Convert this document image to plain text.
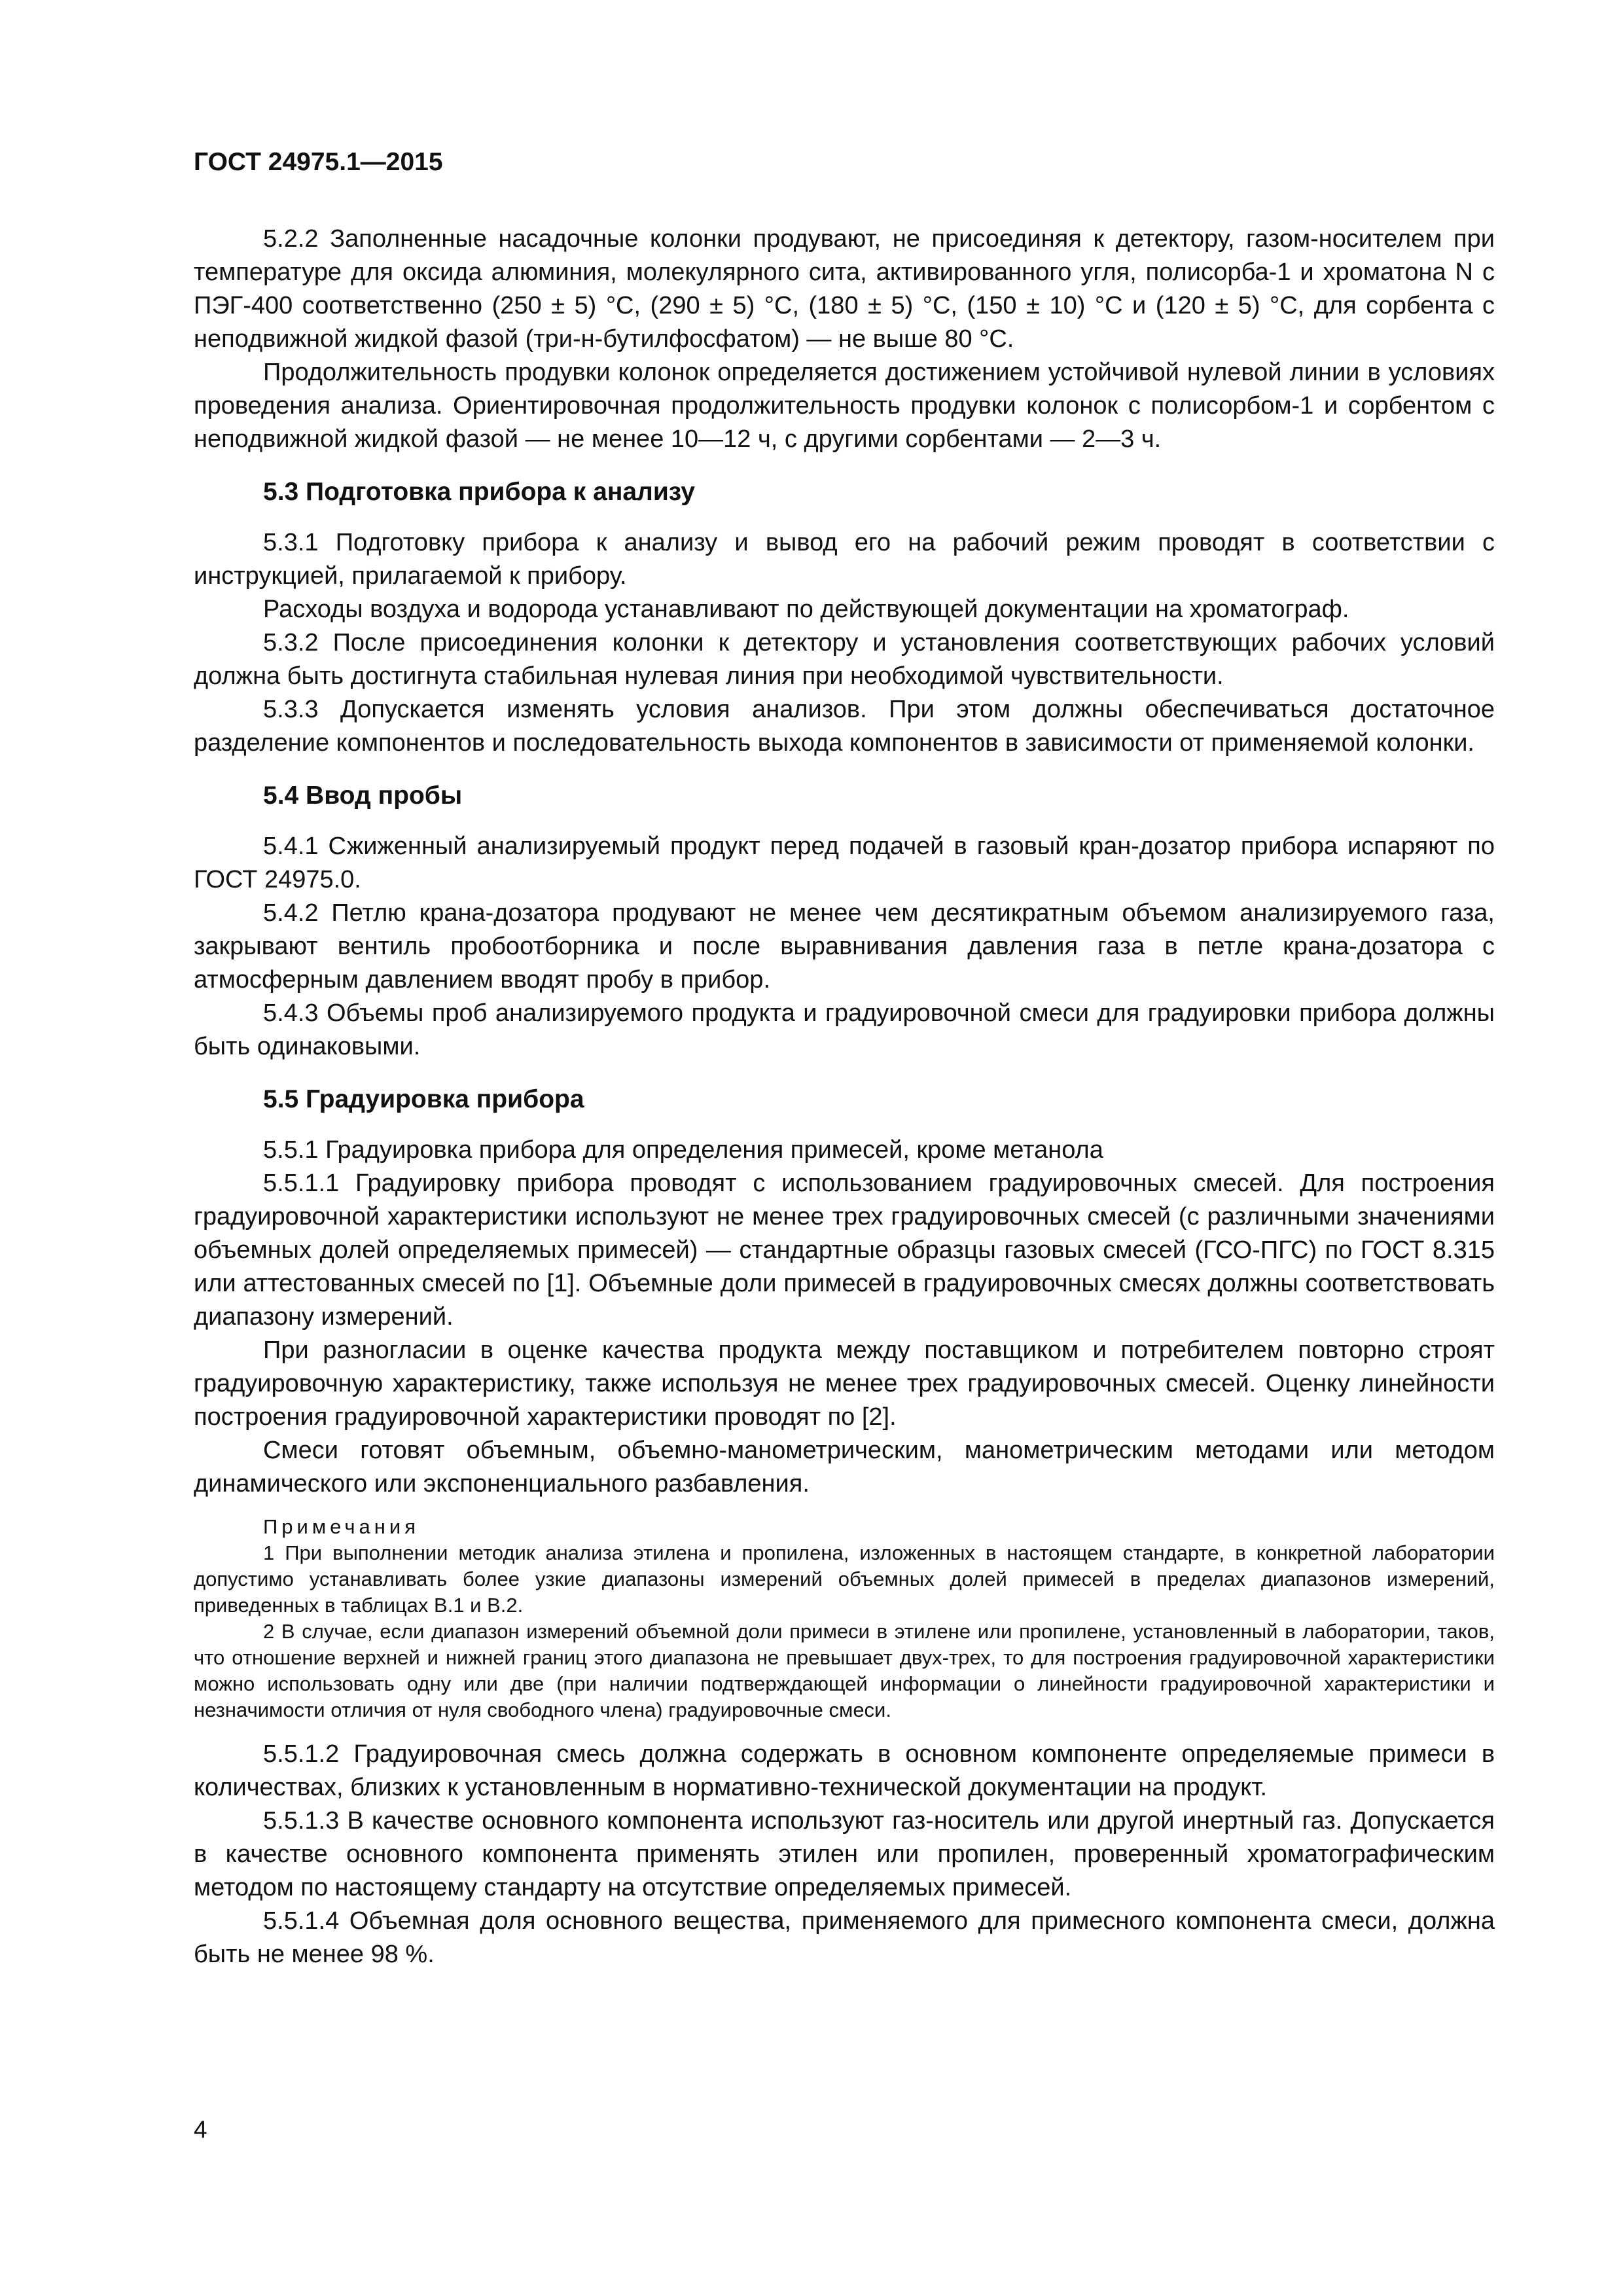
ГОСТ 24975.1—2015

5.2.2 Заполненные насадочные колонки продувают, не присоединяя к детектору, газом-носителем при температуре для оксида алюминия, молекулярного сита, активированного угля, полисорба-1 и хроматона N с ПЭГ-400 соответственно (250 ± 5) °С, (290 ± 5) °С, (180 ± 5) °С, (150 ± 10) °С и (120 ± 5) °С, для сорбента с неподвижной жидкой фазой (три-н-бутилфосфатом) — не выше 80 °С.

Продолжительность продувки колонок определяется достижением устойчивой нулевой линии в условиях проведения анализа. Ориентировочная продолжительность продувки колонок с полисорбом-1 и сорбентом с неподвижной жидкой фазой — не менее 10—12 ч, с другими сорбентами — 2—3 ч.

5.3 Подготовка прибора к анализу

5.3.1 Подготовку прибора к анализу и вывод его на рабочий режим проводят в соответствии с инструкцией, прилагаемой к прибору.

Расходы воздуха и водорода устанавливают по действующей документации на хроматограф.

5.3.2 После присоединения колонки к детектору и установления соответствующих рабочих условий должна быть достигнута стабильная нулевая линия при необходимой чувствительности.

5.3.3 Допускается изменять условия анализов. При этом должны обеспечиваться достаточное разделение компонентов и последовательность выхода компонентов в зависимости от применяемой колонки.

5.4 Ввод пробы

5.4.1 Сжиженный анализируемый продукт перед подачей в газовый кран-дозатор прибора испаряют по ГОСТ 24975.0.

5.4.2 Петлю крана-дозатора продувают не менее чем десятикратным объемом анализируемого газа, закрывают вентиль пробоотборника и после выравнивания давления газа в петле крана-дозатора с атмосферным давлением вводят пробу в прибор.

5.4.3 Объемы проб анализируемого продукта и градуировочной смеси для градуировки прибора должны быть одинаковыми.

5.5 Градуировка прибора

5.5.1 Градуировка прибора для определения примесей, кроме метанола

5.5.1.1 Градуировку прибора проводят с использованием градуировочных смесей. Для построения градуировочной характеристики используют не менее трех градуировочных смесей (с различными значениями объемных долей определяемых примесей) — стандартные образцы газовых смесей (ГСО-ПГС) по ГОСТ 8.315 или аттестованных смесей по [1]. Объемные доли примесей в градуировочных смесях должны соответствовать диапазону измерений.

При разногласии в оценке качества продукта между поставщиком и потребителем повторно строят градуировочную характеристику, также используя не менее трех градуировочных смесей. Оценку линейности построения градуировочной характеристики проводят по [2].

Смеси готовят объемным, объемно-манометрическим, манометрическим методами или методом динамического или экспоненциального разбавления.

Примечания

1 При выполнении методик анализа этилена и пропилена, изложенных в настоящем стандарте, в конкретной лаборатории допустимо устанавливать более узкие диапазоны измерений объемных долей примесей в пределах диапазонов измерений, приведенных в таблицах В.1 и В.2.

2 В случае, если диапазон измерений объемной доли примеси в этилене или пропилене, установленный в лаборатории, таков, что отношение верхней и нижней границ этого диапазона не превышает двух-трех, то для построения градуировочной характеристики можно использовать одну или две (при наличии подтверждающей информации о линейности градуировочной характеристики и незначимости отличия от нуля свободного члена) градуировочные смеси.

5.5.1.2 Градуировочная смесь должна содержать в основном компоненте определяемые примеси в количествах, близких к установленным в нормативно-технической документации на продукт.

5.5.1.3 В качестве основного компонента используют газ-носитель или другой инертный газ. Допускается в качестве основного компонента применять этилен или пропилен, проверенный хроматографическим методом по настоящему стандарту на отсутствие определяемых примесей.

5.5.1.4 Объемная доля основного вещества, применяемого для примесного компонента смеси, должна быть не менее 98 %.

4
